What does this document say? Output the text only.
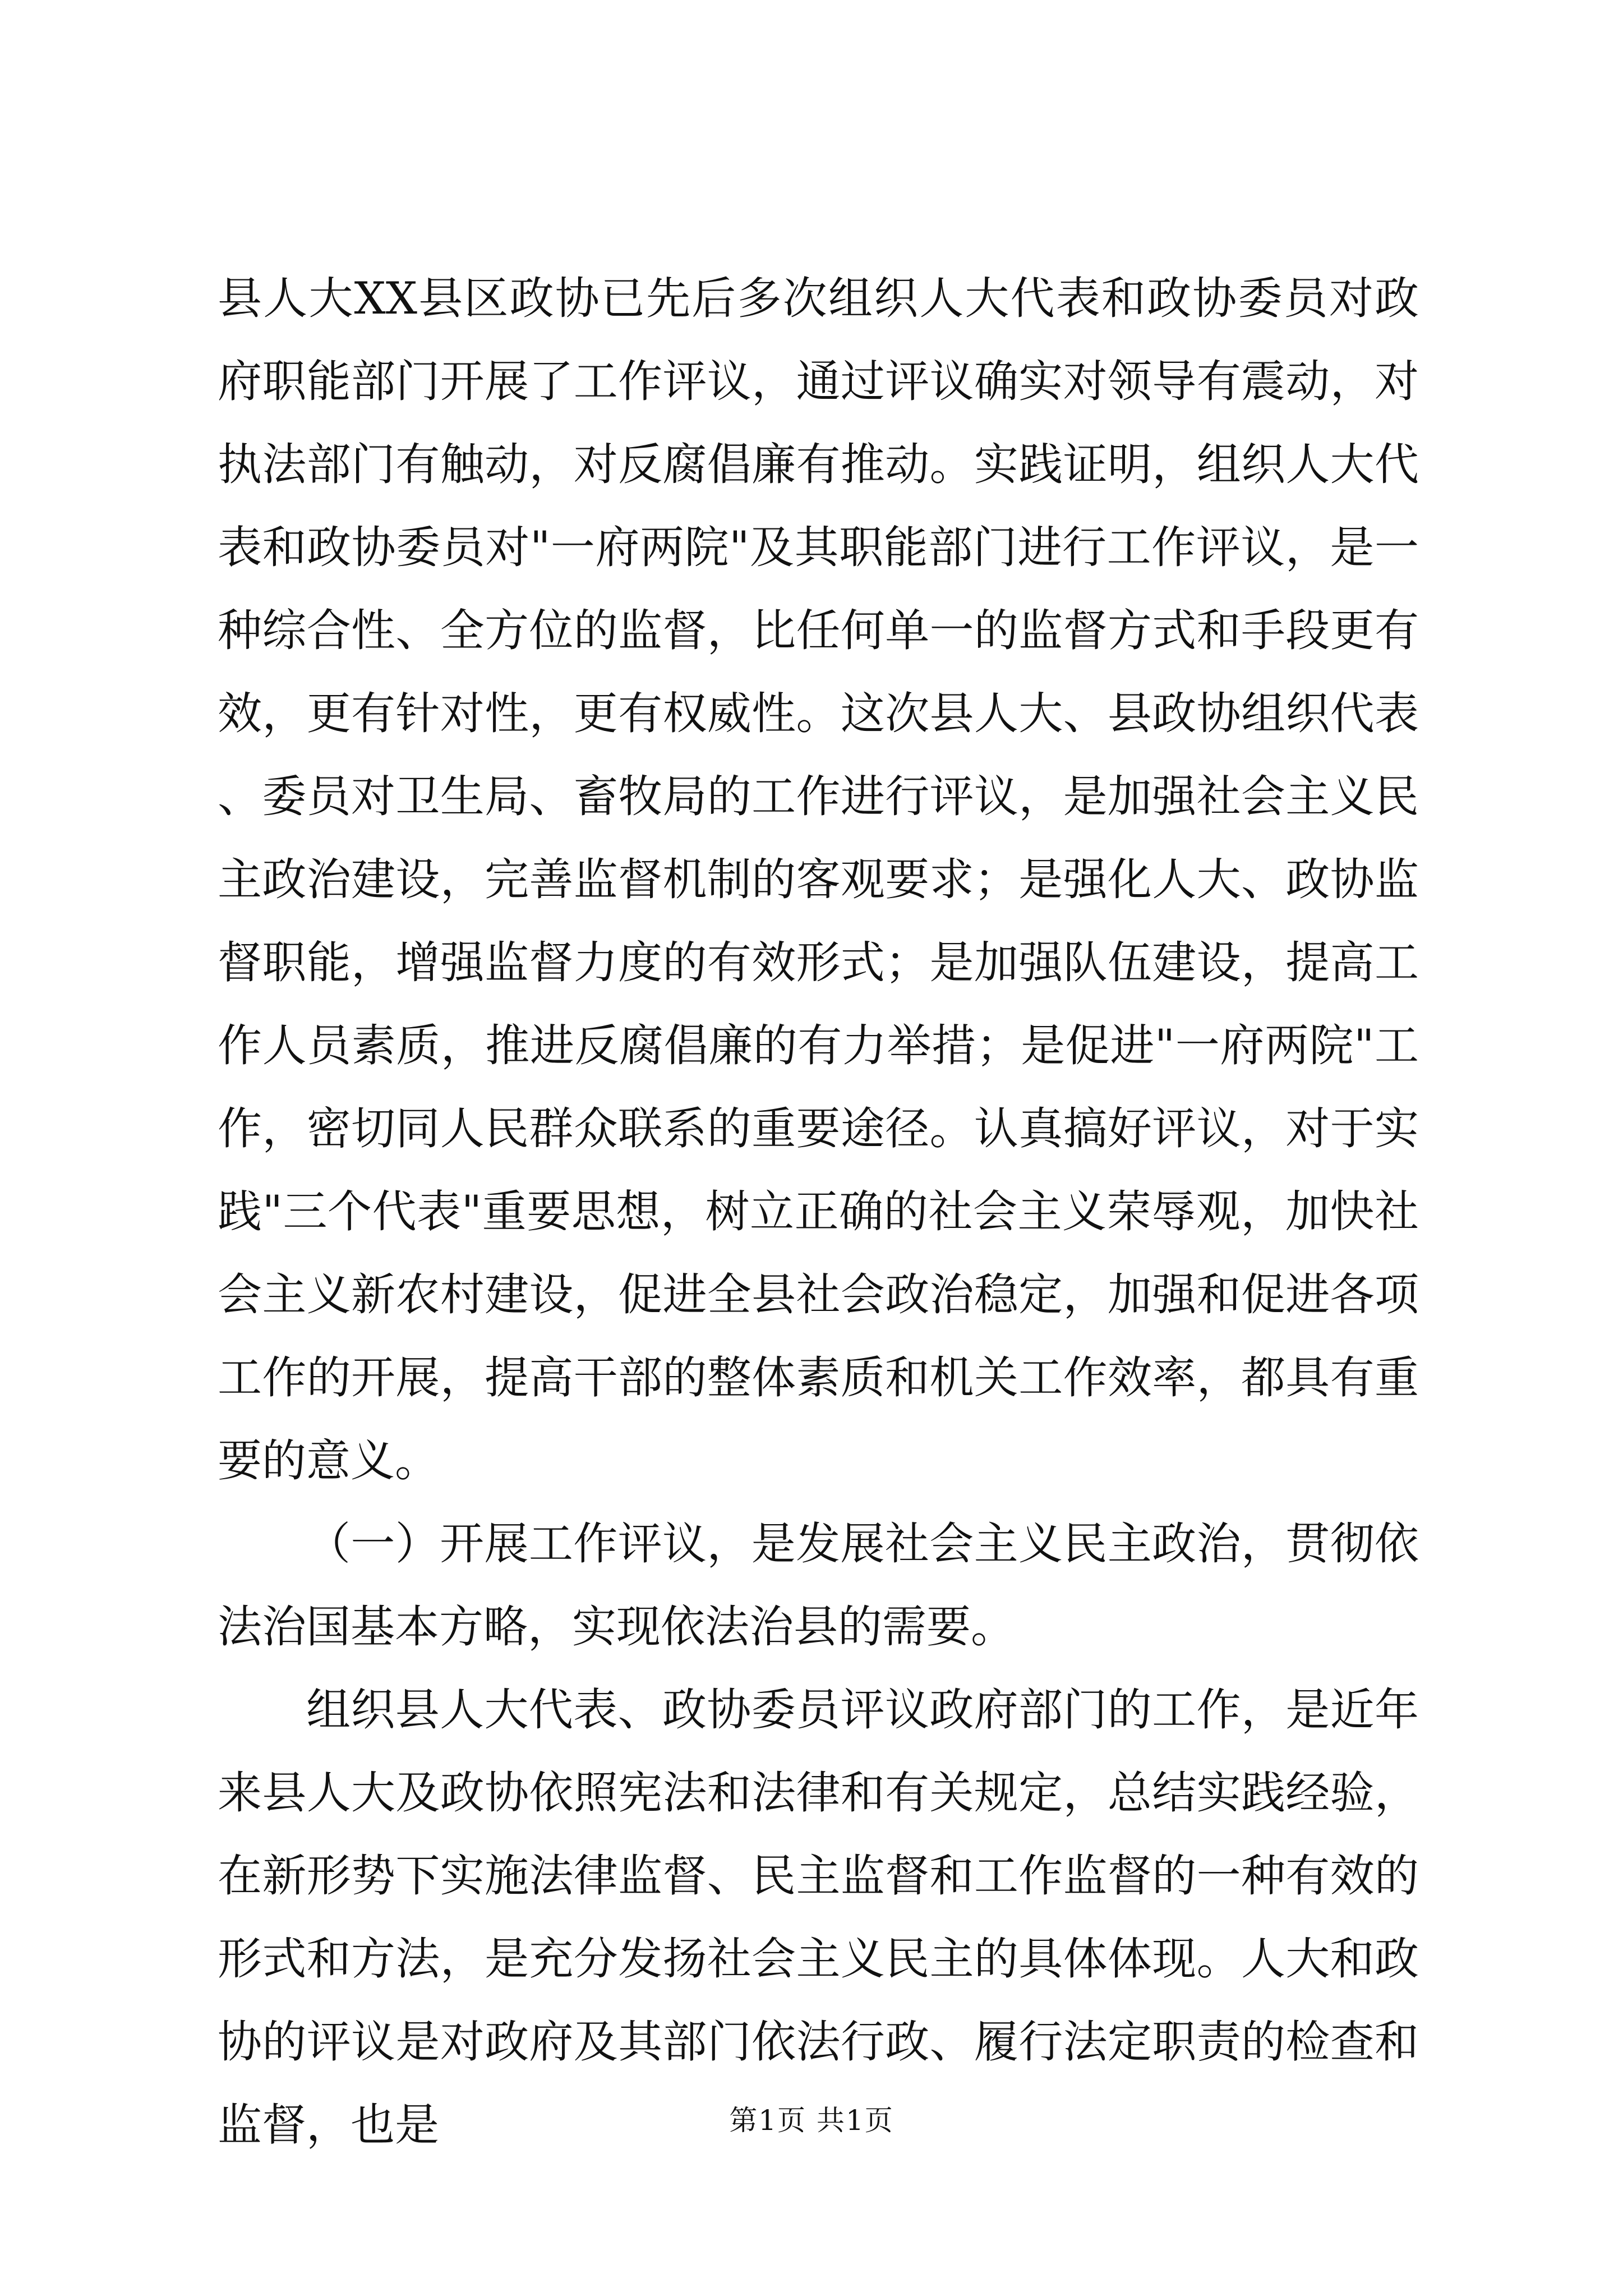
县人大XX县区政协已先后多次组织人大代表和政协委员对政府职能部门开展了工作评议，通过评议确实对领导有震动，对执法部门有触动，对反腐倡廉有推动。实践证明，组织人大代表和政协委员对"一府两院"及其职能部门进行工作评议，是一种综合性、全方位的监督，比任何单一的监督方式和手段更有效，更有针对性，更有权威性。这次县人大、县政协组织代表、委员对卫生局、畜牧局的工作进行评议，是加强社会主义民主政治建设，完善监督机制的客观要求；是强化人大、政协监督职能，增强监督力度的有效形式；是加强队伍建设，提高工作人员素质，推进反腐倡廉的有力举措；是促进"一府两院"工作，密切同人民群众联系的重要途径。认真搞好评议，对于实践"三个代表"重要思想，树立正确的社会主义荣辱观，加快社会主义新农村建设，促进全县社会政治稳定，加强和促进各项工作的开展，提高干部的整体素质和机关工作效率，都具有重要的意义。

（一）开展工作评议，是发展社会主义民主政治，贯彻依法治国基本方略，实现依法治县的需要。

组织县人大代表、政协委员评议政府部门的工作，是近年来县人大及政协依照宪法和法律和有关规定，总结实践经验，在新形势下实施法律监督、民主监督和工作监督的一种有效的形式和方法，是充分发扬社会主义民主的具体体现。人大和政协的评议是对政府及其部门依法行政、履行法定职责的检查和监督，也是	第1页 共1页
